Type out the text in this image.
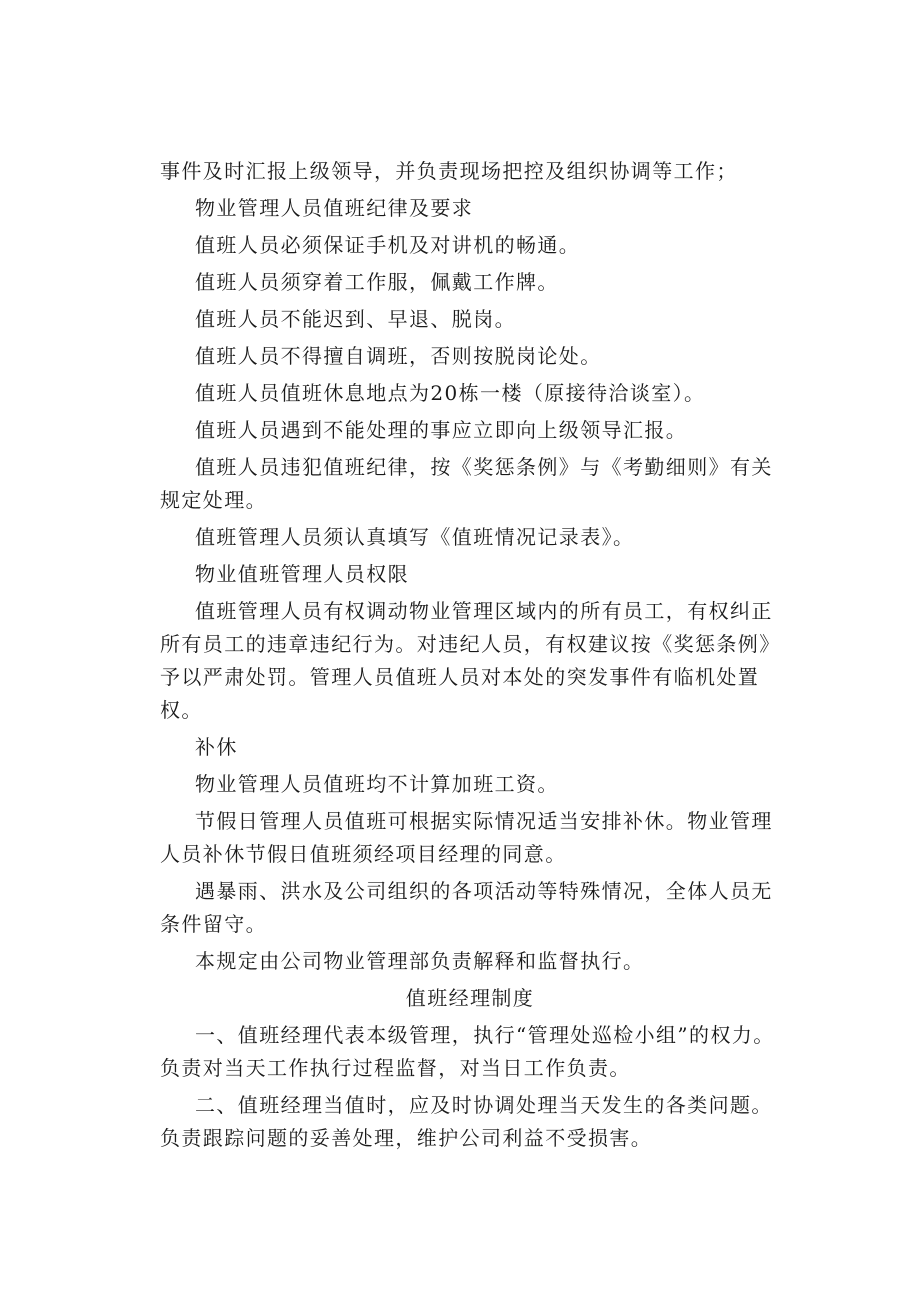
事件及时汇报上级领导，并负责现场把控及组织协调等工作；

物业管理人员值班纪律及要求

值班人员必须保证手机及对讲机的畅通。

值班人员须穿着工作服，佩戴工作牌。

值班人员不能迟到、早退、脱岗。

值班人员不得擅自调班，否则按脱岗论处。

值班人员值班休息地点为20栋一楼（原接待洽谈室）。

值班人员遇到不能处理的事应立即向上级领导汇报。

值班人员违犯值班纪律，按《奖惩条例》与《考勤细则》有关规定处理。

值班管理人员须认真填写《值班情况记录表》。

物业值班管理人员权限

值班管理人员有权调动物业管理区域内的所有员工，有权纠正所有员工的违章违纪行为。对违纪人员，有权建议按《奖惩条例》予以严肃处罚。管理人员值班人员对本处的突发事件有临机处置权。

补休

物业管理人员值班均不计算加班工资。

节假日管理人员值班可根据实际情况适当安排补休。物业管理人员补休节假日值班须经项目经理的同意。

遇暴雨、洪水及公司组织的各项活动等特殊情况，全体人员无条件留守。

本规定由公司物业管理部负责解释和监督执行。

值班经理制度

一、值班经理代表本级管理，执行“管理处巡检小组”的权力。负责对当天工作执行过程监督，对当日工作负责。

二、值班经理当值时，应及时协调处理当天发生的各类问题。负责跟踪问题的妥善处理，维护公司利益不受损害。
